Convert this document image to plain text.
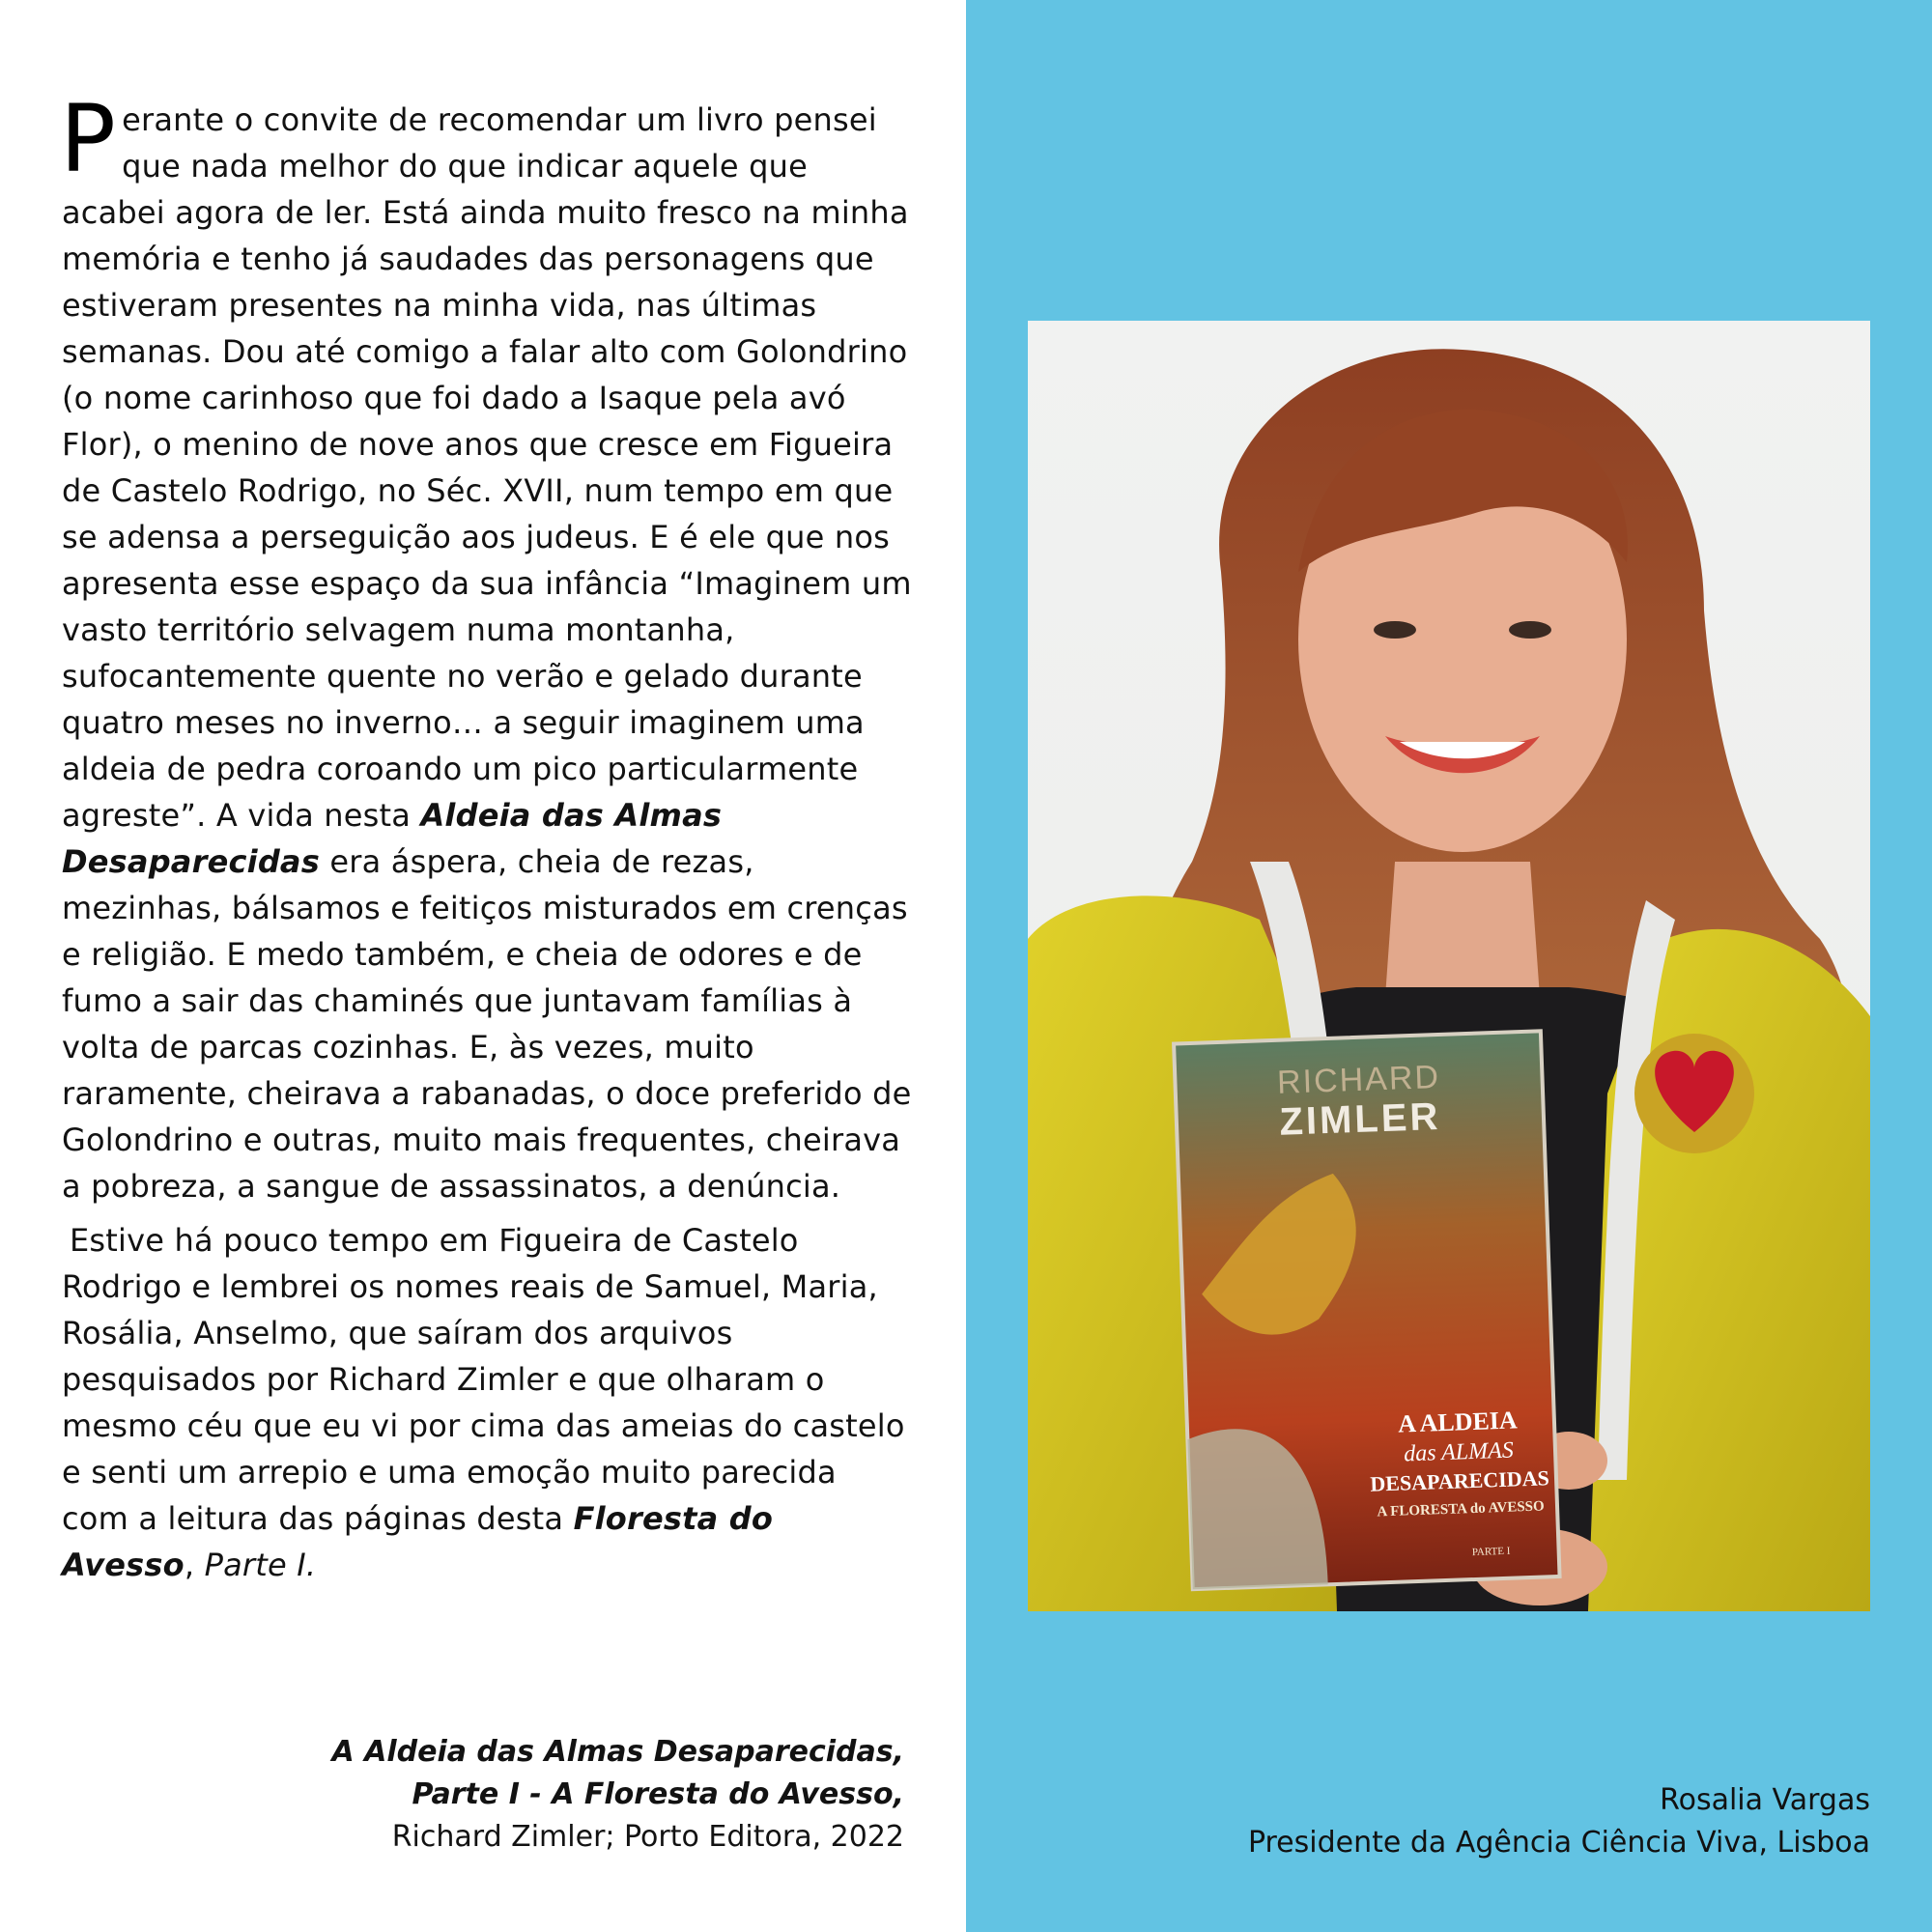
Perante o convite de recomendar um livro pensei que nada melhor do que indicar aquele que acabei agora de ler. Está ainda muito fresco na minha memória e tenho já saudades das personagens que estiveram presentes na minha vida, nas últimas semanas. Dou até comigo a falar alto com Golondrino (o nome carinhoso que foi dado a Isaque pela avó Flor), o menino de nove anos que cresce em Figueira de Castelo Rodrigo, no Séc. XVII, num tempo em que se adensa a perseguição aos judeus. E é ele que nos apresenta esse espaço da sua infância “Imaginem um vasto território selvagem numa montanha, sufocantemente quente no verão e gelado durante quatro meses no inverno… a seguir imaginem uma aldeia de pedra coroando um pico particularmente agreste”. A vida nesta Aldeia das Almas Desaparecidas era áspera, cheia de rezas, mezinhas, bálsamos e feitiços misturados em crenças e religião. E medo também, e cheia de odores e de fumo a sair das chaminés que juntavam famílias à volta de parcas cozinhas. E, às vezes, muito raramente, cheirava a rabanadas, o doce preferido de Golondrino e outras, muito mais frequentes, cheirava a pobreza, a sangue de assassinatos, a denúncia.

Estive há pouco tempo em Figueira de Castelo Rodrigo e lembrei os nomes reais de Samuel, Maria, Rosália, Anselmo, que saíram dos arquivos pesquisados por Richard Zimler e que olharam o mesmo céu que eu vi por cima das ameias do castelo e senti um arrepio e uma emoção muito parecida com a leitura das páginas desta Floresta do Avesso, Parte I.

A Aldeia das Almas Desaparecidas,
Parte I - A Floresta do Avesso,
Richard Zimler; Porto Editora, 2022
RICHARD
ZIMLER
A ALDEIA
das ALMAS
DESAPARECIDAS
A FLORESTA do AVESSO
PARTE I
Rosalia Vargas
Presidente da Agência Ciência Viva, Lisboa
